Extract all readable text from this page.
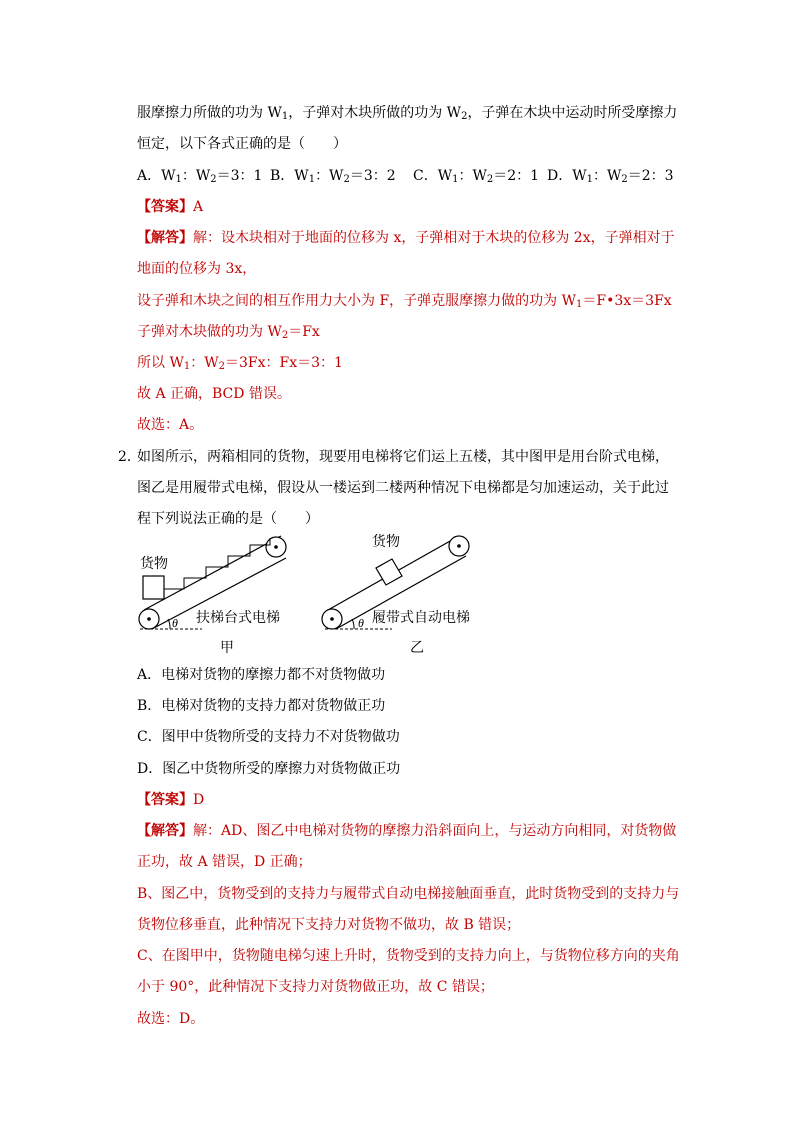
服摩擦力所做的功为 $W_1$，子弹对木块所做的功为 $W_2$，子弹在木块中运动时所受摩擦力
恒定，以下各式正确的是（　　）
A．$W_1$：$W_2=3$：1 B．$W_1$：$W_2=3$：2 C．$W_1$：$W_2=2$：1 D．$W_1$：$W_2=2$：3
【答案】A
【解答】解：设木块相对于地面的位移为 x，子弹相对于木块的位移为 2x，子弹相对于
地面的位移为 3x，
设子弹和木块之间的相互作用力大小为 F，子弹克服摩擦力做的功为 $W_1=F•3x=3Fx$
子弹对木块做的功为 $W_2=Fx$
所以 $W_1$：$W_2=3Fx$：Fx＝3：1
故 A 正确，BCD 错误。
故选：A。
2．
如图所示，两箱相同的货物，现要用电梯将它们运上五楼，其中图甲是用台阶式电梯，
图乙是用履带式电梯，假设从一楼运到二楼两种情况下电梯都是匀加速运动，关于此过
程下列说法正确的是（　　）
货物
扶梯台式电梯
θ
甲
货物
履带式自动电梯
θ
乙
A．电梯对货物的摩擦力都不对货物做功
B．电梯对货物的支持力都对货物做正功
C．图甲中货物所受的支持力不对货物做功
D．图乙中货物所受的摩擦力对货物做正功
【答案】D
【解答】解：AD、图乙中电梯对货物的摩擦力沿斜面向上，与运动方向相同，对货物做
正功，故 A 错误，D 正确；
B、图乙中，货物受到的支持力与履带式自动电梯接触面垂直，此时货物受到的支持力与
货物位移垂直，此种情况下支持力对货物不做功，故 B 错误；
C、在图甲中，货物随电梯匀速上升时，货物受到的支持力向上，与货物位移方向的夹角
小于 90°，此种情况下支持力对货物做正功，故 C 错误；
故选：D。
